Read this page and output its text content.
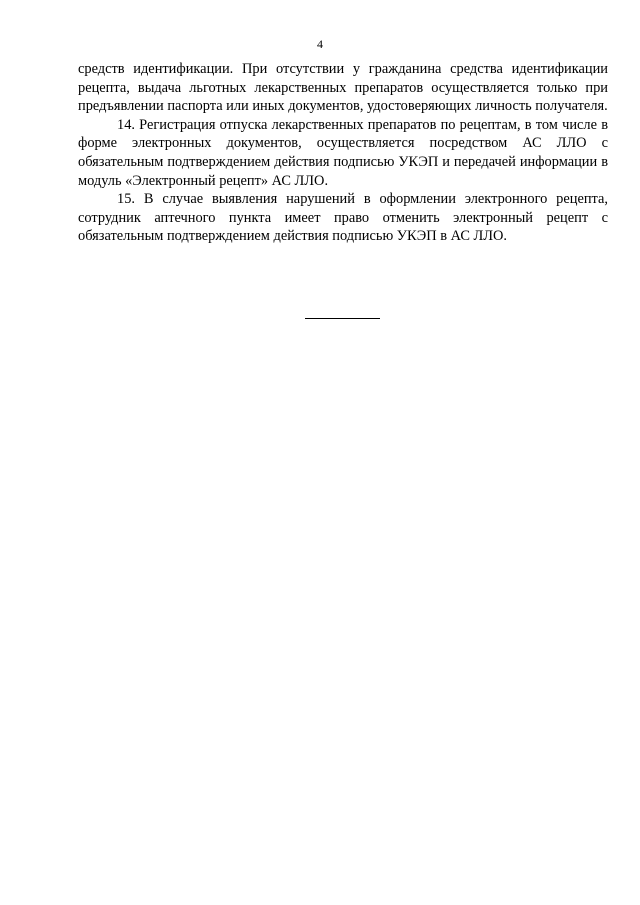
4

средств идентификации. При отсутствии у гражданина средства идентификации рецепта, выдача льготных лекарственных препаратов осуществляется только при предъявлении паспорта или иных документов, удостоверяющих личность получателя.

14. Регистрация отпуска лекарственных препаратов по рецептам, в том числе в форме электронных документов, осуществляется посредством АС ЛЛО с обязательным подтверждением действия подписью УКЭП и передачей информации в модуль «Электронный рецепт» АС ЛЛО.

15. В случае выявления нарушений в оформлении электронного рецепта, сотрудник аптечного пункта имеет право отменить электронный рецепт с обязательным подтверждением действия подписью УКЭП в АС ЛЛО.
